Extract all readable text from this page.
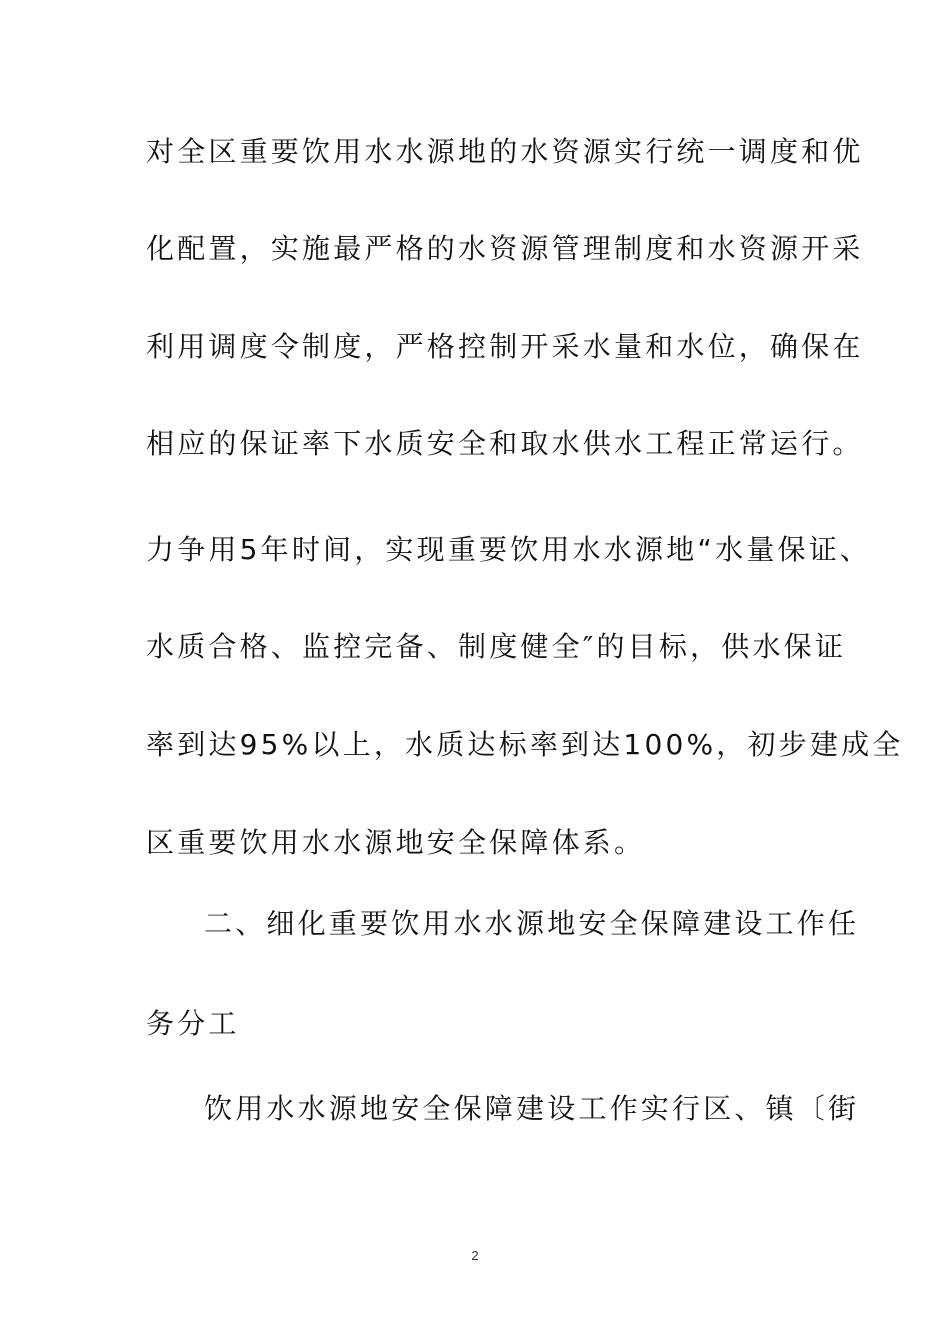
对全区重要饮用水水源地的水资源实行统一调度和优
化配置，实施最严格的水资源管理制度和水资源开采
利用调度令制度，严格控制开采水量和水位，确保在
相应的保证率下水质安全和取水供水工程正常运行。
力争用5年时间，实现重要饮用水水源地“水量保证、
水质合格、监控完备、制度健全″的目标，供水保证
率到达95%以上，水质达标率到达100%，初步建成全
区重要饮用水水源地安全保障体系。
二、细化重要饮用水水源地安全保障建设工作任
务分工
饮用水水源地安全保障建设工作实行区、镇〔街
2
